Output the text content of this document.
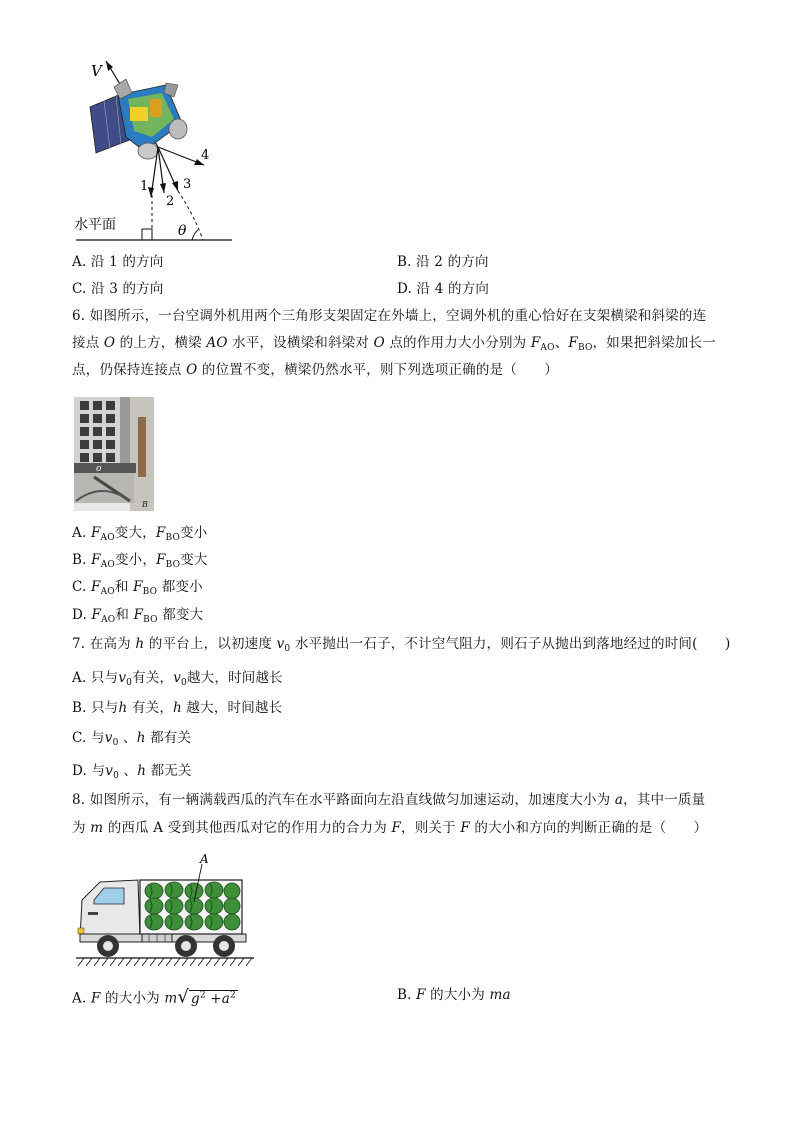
V
1
2
3
4
θ
水平面
A. 沿 1 的方向	B. 沿 2 的方向
C. 沿 3 的方向	D. 沿 4 的方向
6. 如图所示，一台空调外机用两个三角形支架固定在外墙上，空调外机的重心恰好在支架横梁和斜梁的连
接点 O 的上方，横梁 AO 水平，设横梁和斜梁对 O 点的作用力大小分别为 $F_{AO}$、$F_{BO}$，如果把斜梁加长一
点，仍保持连接点 O 的位置不变，横梁仍然水平，则下列选项正确的是（　　）
o
B
A. $F_{AO}$变大，$F_{BO}$变小
B. $F_{AO}$变小，$F_{BO}$变大
C. $F_{AO}$和 $F_{BO}$ 都变小
D. $F_{AO}$和 $F_{BO}$ 都变大
7. 在高为 h 的平台上，以初速度 $v_0$ 水平抛出一石子，不计空气阻力，则石子从抛出到落地经过的时间(　　)
A. 只与$v_0$有关，$v_0$越大，时间越长
B. 只与h 有关，h 越大，时间越长
C. 与$v_0$ 、h 都有关
D. 与$v_0$ 、h 都无关
8. 如图所示，有一辆满载西瓜的汽车在水平路面向左沿直线做匀加速运动，加速度大小为 a，其中一质量
为 m 的西瓜 A 受到其他西瓜对它的作用力的合力为 F，则关于 F 的大小和方向的判断正确的是（　　）
A
A. F 的大小为 m√ $g^2 +a^2$	B. F 的大小为 ma
